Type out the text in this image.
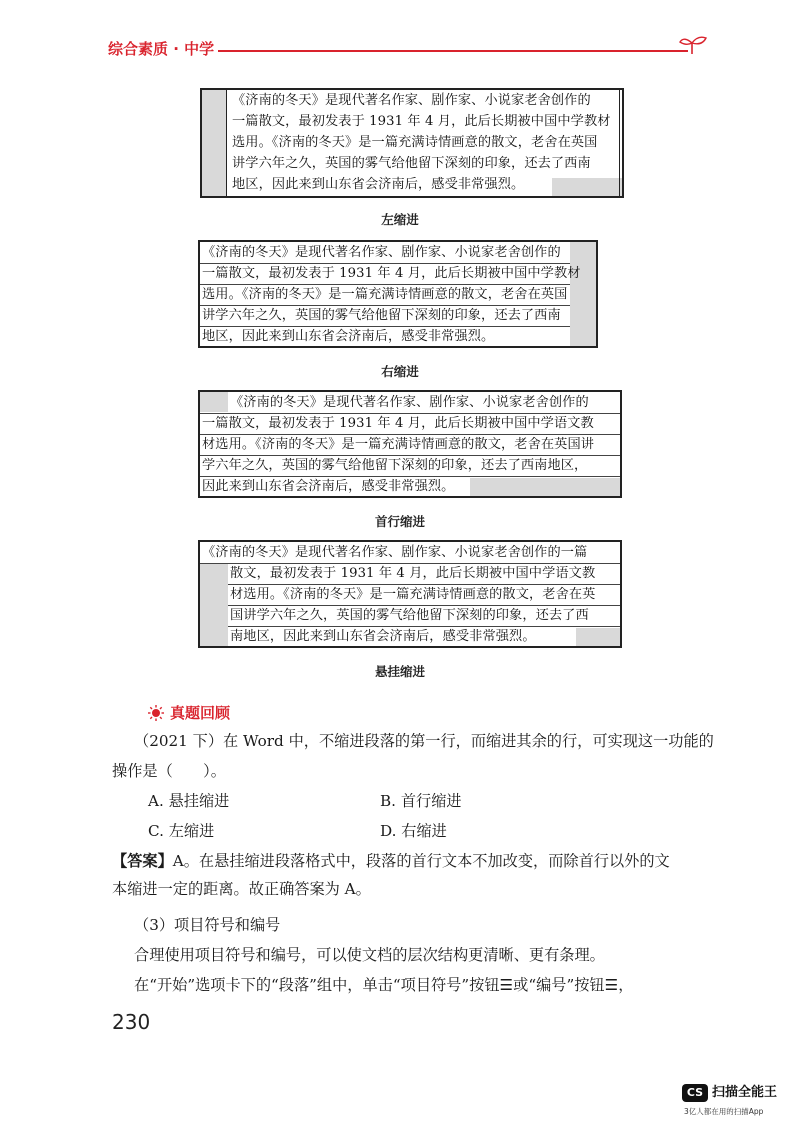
综合素质 · 中学
《济南的冬天》是现代著名作家、剧作家、小说家老舍创作的
一篇散文，最初发表于 1931 年 4 月，此后长期被中国中学教材
选用。《济南的冬天》是一篇充满诗情画意的散文，老舍在英国
讲学六年之久，英国的雾气给他留下深刻的印象，还去了西南
地区，因此来到山东省会济南后，感受非常强烈。
左缩进
《济南的冬天》是现代著名作家、剧作家、小说家老舍创作的
一篇散文，最初发表于 1931 年 4 月，此后长期被中国中学教材
选用。《济南的冬天》是一篇充满诗情画意的散文，老舍在英国
讲学六年之久，英国的雾气给他留下深刻的印象，还去了西南
地区，因此来到山东省会济南后，感受非常强烈。
右缩进
《济南的冬天》是现代著名作家、剧作家、小说家老舍创作的
一篇散文，最初发表于 1931 年 4 月，此后长期被中国中学语文教
材选用。《济南的冬天》是一篇充满诗情画意的散文，老舍在英国讲
学六年之久，英国的雾气给他留下深刻的印象，还去了西南地区，
因此来到山东省会济南后，感受非常强烈。
首行缩进
《济南的冬天》是现代著名作家、剧作家、小说家老舍创作的一篇
散文，最初发表于 1931 年 4 月，此后长期被中国中学语文教
材选用。《济南的冬天》是一篇充满诗情画意的散文，老舍在英
国讲学六年之久，英国的雾气给他留下深刻的印象，还去了西
南地区，因此来到山东省会济南后，感受非常强烈。
悬挂缩进
真题回顾
（2021 下）在 Word 中，不缩进段落的第一行，而缩进其余的行，可实现这一功能的
操作是（　　）。
A. 悬挂缩进	B. 首行缩进
C. 左缩进	D. 右缩进
【答案】A。在悬挂缩进段落格式中，段落的首行文本不加改变，而除首行以外的文
本缩进一定的距离。故正确答案为 A。
（3）项目符号和编号
合理使用项目符号和编号，可以使文档的层次结构更清晰、更有条理。
在“开始”选项卡下的“段落”组中，单击“项目符号”按钮☰或“编号”按钮☰，
230
CS 扫描全能王
3亿人都在用的扫描App
